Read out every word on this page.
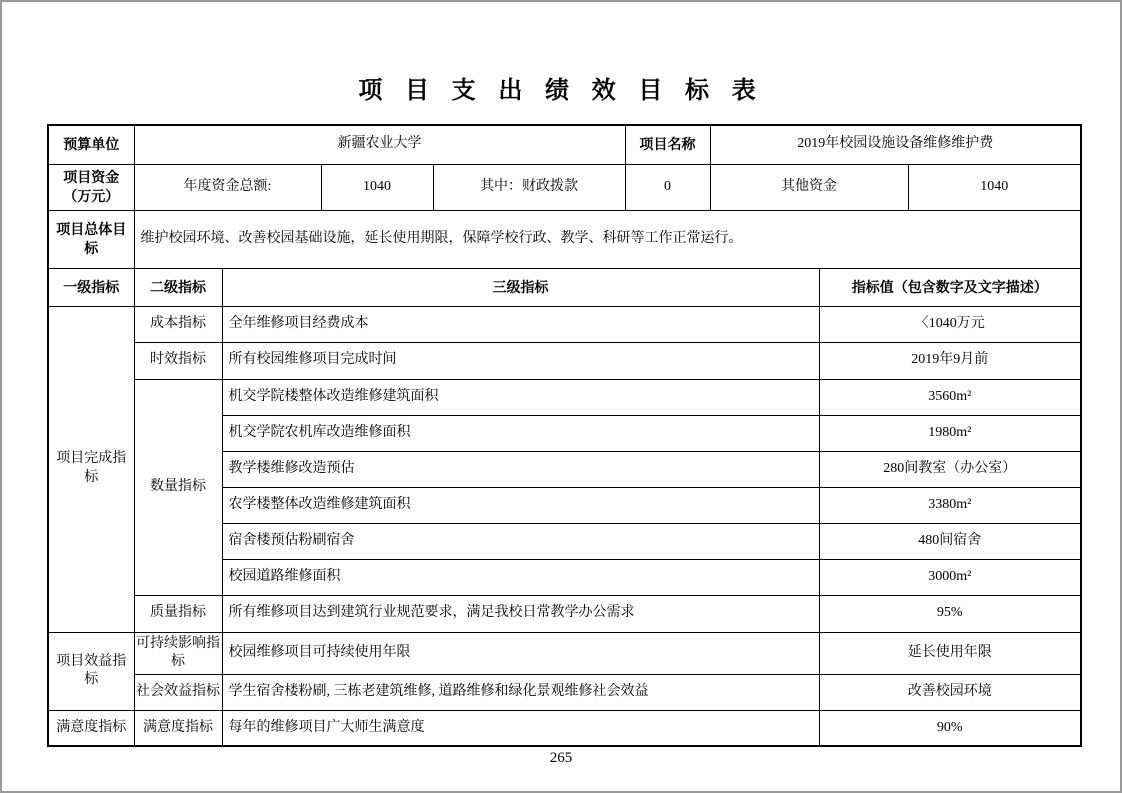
项 目 支 出 绩 效 目 标 表
预算单位	新疆农业大学				项目名称	2019年校园设施设备维修维护费		
项目资金（万元）	年度资金总额:		1040	其中：财政拨款	0	其他资金		1040
项目总体目标	维护校园环境、改善校园基础设施，延长使用期限，保障学校行政、教学、科研等工作正常运行。							
一级指标	二级指标	三级指标					指标值（包含数字及文字描述）	
项目完成指标	成本指标	全年维修项目经费成本					〈1040万元	
	时效指标	所有校园维修项目完成时间					2019年9月前	
	数量指标	机交学院楼整体改造维修建筑面积					3560m²	
		机交学院农机库改造维修面积					1980m²	
		教学楼维修改造预估					280间教室（办公室）	
		农学楼整体改造维修建筑面积					3380m²	
		宿舍楼预估粉刷宿舍					480间宿舍	
		校园道路维修面积					3000m²	
	质量指标	所有维修项目达到建筑行业规范要求，满足我校日常教学办公需求					95%	
项目效益指标	可持续影响指标	校园维修项目可持续使用年限					延长使用年限	
	社会效益指标	学生宿舍楼粉刷, 三栋老建筑维修, 道路维修和绿化景观维修社会效益					改善校园环境	
满意度指标	满意度指标	每年的维修项目广大师生满意度					90%	
265
